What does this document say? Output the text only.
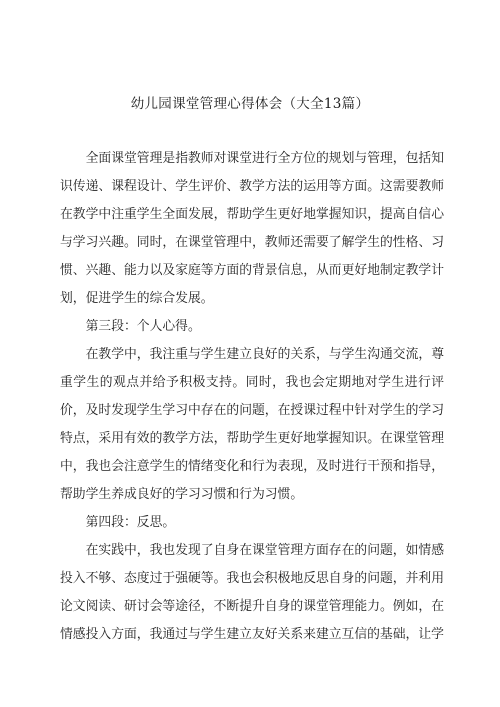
幼儿园课堂管理心得体会（大全13篇）

全面课堂管理是指教师对课堂进行全方位的规划与管理，包括知识传递、课程设计、学生评价、教学方法的运用等方面。这需要教师在教学中注重学生全面发展，帮助学生更好地掌握知识，提高自信心与学习兴趣。同时，在课堂管理中，教师还需要了解学生的性格、习惯、兴趣、能力以及家庭等方面的背景信息，从而更好地制定教学计划，促进学生的综合发展。

第三段：个人心得。

在教学中，我注重与学生建立良好的关系，与学生沟通交流，尊重学生的观点并给予积极支持。同时，我也会定期地对学生进行评价，及时发现学生学习中存在的问题，在授课过程中针对学生的学习特点，采用有效的教学方法，帮助学生更好地掌握知识。在课堂管理中，我也会注意学生的情绪变化和行为表现，及时进行干预和指导，帮助学生养成良好的学习习惯和行为习惯。

第四段：反思。

在实践中，我也发现了自身在课堂管理方面存在的问题，如情感投入不够、态度过于强硬等。我也会积极地反思自身的问题，并利用论文阅读、研讨会等途径，不断提升自身的课堂管理能力。例如，在情感投入方面，我通过与学生建立友好关系来建立互信的基础，让学
